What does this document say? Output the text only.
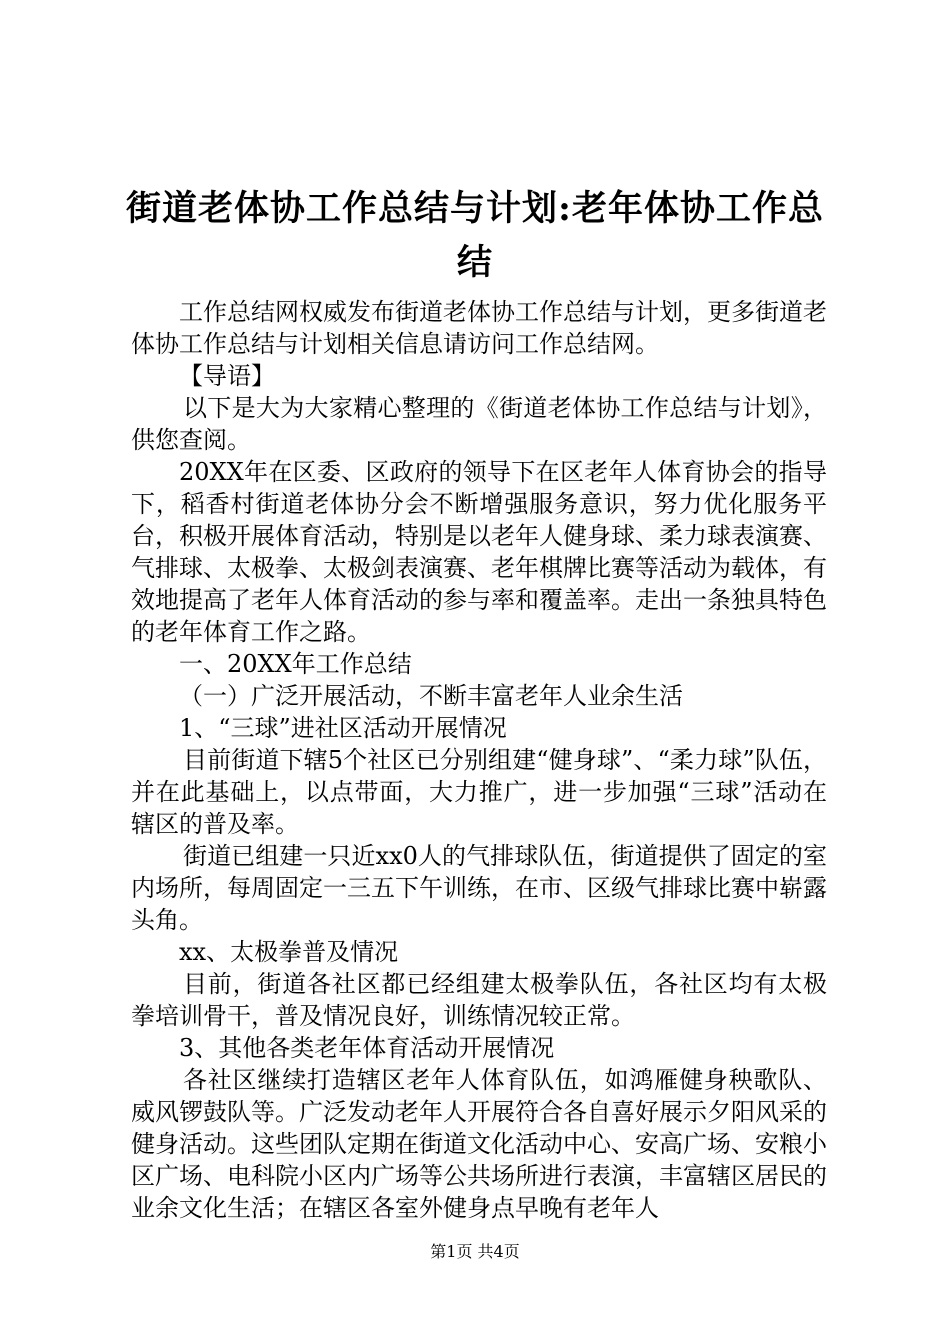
街道老体协工作总结与计划:老年体协工作总结

工作总结网权威发布街道老体协工作总结与计划，更多街道老体协工作总结与计划相关信息请访问工作总结网。

【导语】

以下是大为大家精心整理的《街道老体协工作总结与计划》，供您查阅。

20XX年在区委、区政府的领导下在区老年人体育协会的指导下，稻香村街道老体协分会不断增强服务意识，努力优化服务平台，积极开展体育活动，特别是以老年人健身球、柔力球表演赛、气排球、太极拳、太极剑表演赛、老年棋牌比赛等活动为载体，有效地提高了老年人体育活动的参与率和覆盖率。走出一条独具特色的老年体育工作之路。

一、20XX年工作总结

（一）广泛开展活动，不断丰富老年人业余生活

1、“三球”进社区活动开展情况

目前街道下辖5个社区已分别组建“健身球”、“柔力球”队伍，并在此基础上，以点带面，大力推广，进一步加强“三球”活动在辖区的普及率。

街道已组建一只近xx0人的气排球队伍，街道提供了固定的室内场所，每周固定一三五下午训练，在市、区级气排球比赛中崭露头角。

xx、太极拳普及情况

目前，街道各社区都已经组建太极拳队伍，各社区均有太极拳培训骨干，普及情况良好，训练情况较正常。

3、其他各类老年体育活动开展情况

各社区继续打造辖区老年人体育队伍，如鸿雁健身秧歌队、威风锣鼓队等。广泛发动老年人开展符合各自喜好展示夕阳风采的健身活动。这些团队定期在街道文化活动中心、安高广场、安粮小区广场、电科院小区内广场等公共场所进行表演，丰富辖区居民的业余文化生活；在辖区各室外健身点早晚有老年人

第1页 共4页
